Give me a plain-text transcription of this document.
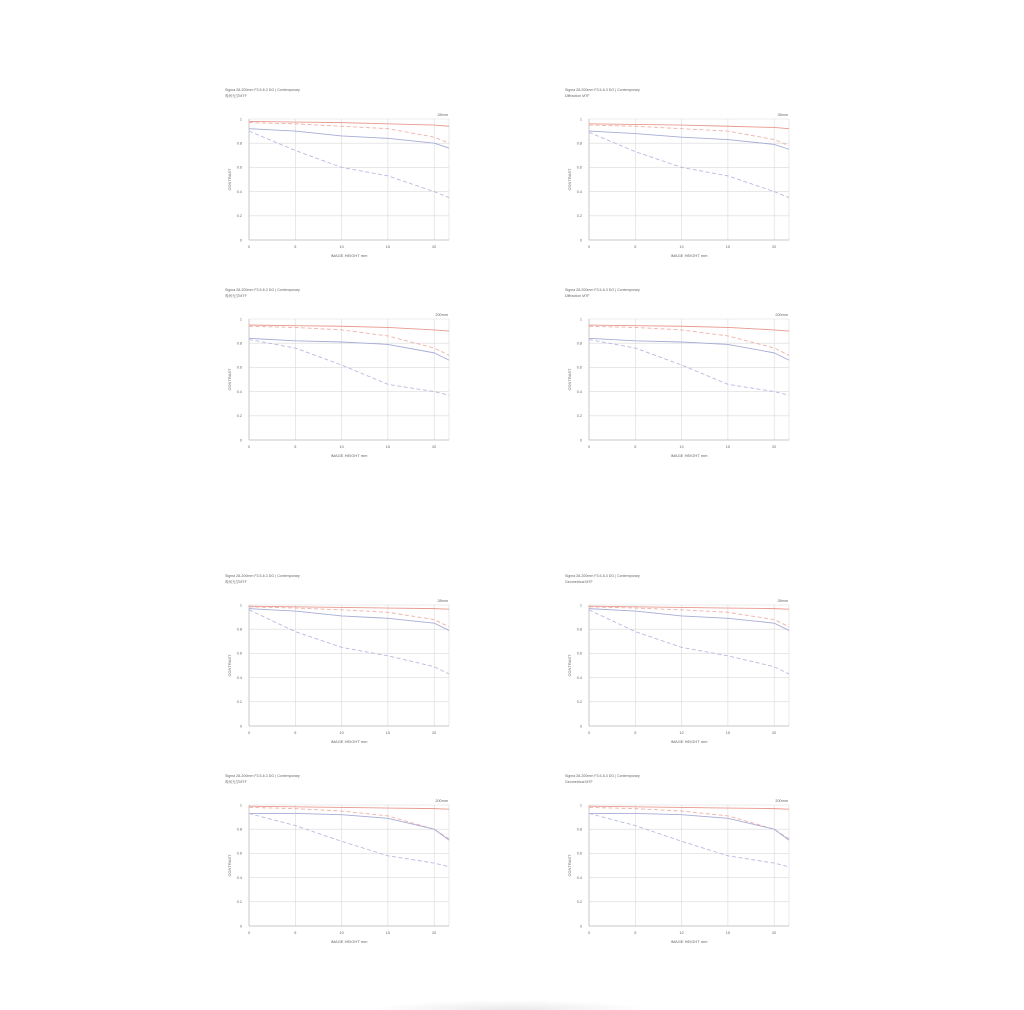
Sigma 28-200mm F3.5-6.3 DG | Contemporary
幾何光学MTF
0
0.2
0.4
0.6
0.8
1
0	5	10	15	20
IMAGE HEIGHT mm
CONTRAST
28mm
Sigma 28-200mm F3.5-6.3 DG | Contemporary
Diffraction MTF
0
0.2
0.4
0.6
0.8
1
0	5	10	15	20
IMAGE HEIGHT mm
CONTRAST
28mm
Sigma 28-200mm F3.5-6.3 DG | Contemporary
幾何光学MTF
0
0.2
0.4
0.6
0.8
1
0	5	10	15	20
IMAGE HEIGHT mm
CONTRAST
200mm
Sigma 28-200mm F3.5-6.3 DG | Contemporary
Diffraction MTF
0
0.2
0.4
0.6
0.8
1
0	5	10	15	20
IMAGE HEIGHT mm
CONTRAST
200mm
Sigma 28-200mm F3.5-6.3 DG | Contemporary
幾何光学MTF
0
0.2
0.4
0.6
0.8
1
0	5	10	15	20
IMAGE HEIGHT mm
CONTRAST
28mm
Sigma 28-200mm F3.5-6.3 DG | Contemporary
Geometrical MTF
0
0.2
0.4
0.6
0.8
1
0	5	10	15	20
IMAGE HEIGHT mm
CONTRAST
28mm
Sigma 28-200mm F3.5-6.3 DG | Contemporary
幾何光学MTF
0
0.2
0.4
0.6
0.8
1
0	5	10	15	20
IMAGE HEIGHT mm
CONTRAST
200mm
Sigma 28-200mm F3.5-6.3 DG | Contemporary
Geometrical MTF
0
0.2
0.4
0.6
0.8
1
0	5	10	15	20
IMAGE HEIGHT mm
CONTRAST
200mm
